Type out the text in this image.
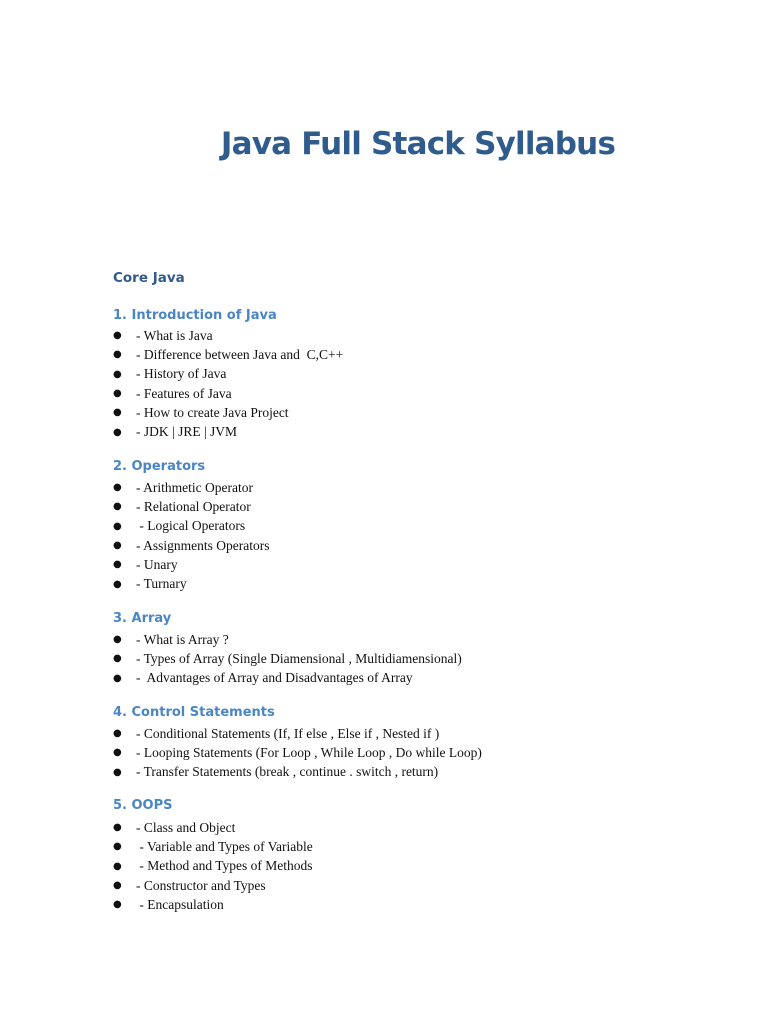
Java Full Stack Syllabus
Core Java
1. Introduction of Java
●	- What is Java
●	- Difference between Java and  C,C++
●	- History of Java
●	- Features of Java
●	- How to create Java Project
●	- JDK | JRE | JVM
2. Operators
●	- Arithmetic Operator
●	- Relational Operator
●	- Logical Operators
●	- Assignments Operators
●	- Unary
●	- Turnary
3. Array
●	- What is Array ?
●	- Types of Array (Single Diamensional , Multidiamensional)
●	-  Advantages of Array and Disadvantages of Array
4. Control Statements
●	- Conditional Statements (If, If else , Else if , Nested if )
●	- Looping Statements (For Loop , While Loop , Do while Loop)
●	- Transfer Statements (break , continue . switch , return)
5. OOPS
●	- Class and Object
●	- Variable and Types of Variable
●	- Method and Types of Methods
●	- Constructor and Types
●	- Encapsulation
